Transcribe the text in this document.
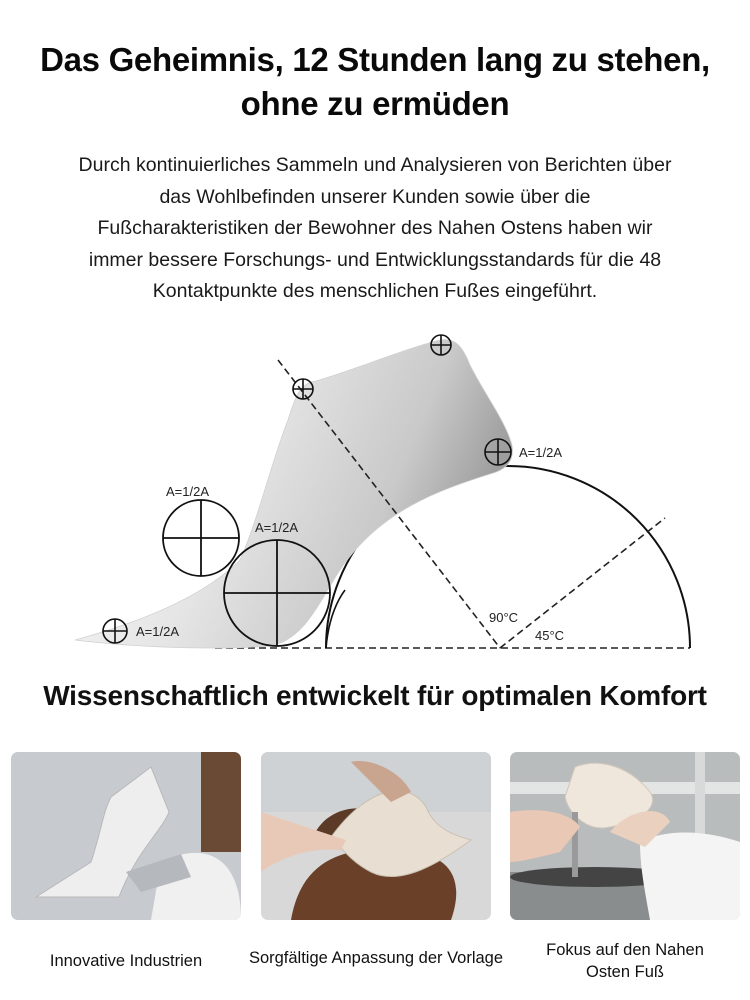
Das Geheimnis, 12 Stunden lang zu stehen,
ohne zu ermüden
Durch kontinuierliches Sammeln und Analysieren von Berichten über
das Wohlbefinden unserer Kunden sowie über die
Fußcharakteristiken der Bewohner des Nahen Ostens haben wir
immer bessere Forschungs- und Entwicklungsstandards für die 48
Kontaktpunkte des menschlichen Fußes eingeführt.
A=1/2A
A=1/2A
A=1/2A
A=1/2A
90°C
45°C
Wissenschaftlich entwickelt für optimalen Komfort
Innovative Industrien	Sorgfältige Anpassung der Vorlage	Fokus auf den Nahen
Osten Fuß
